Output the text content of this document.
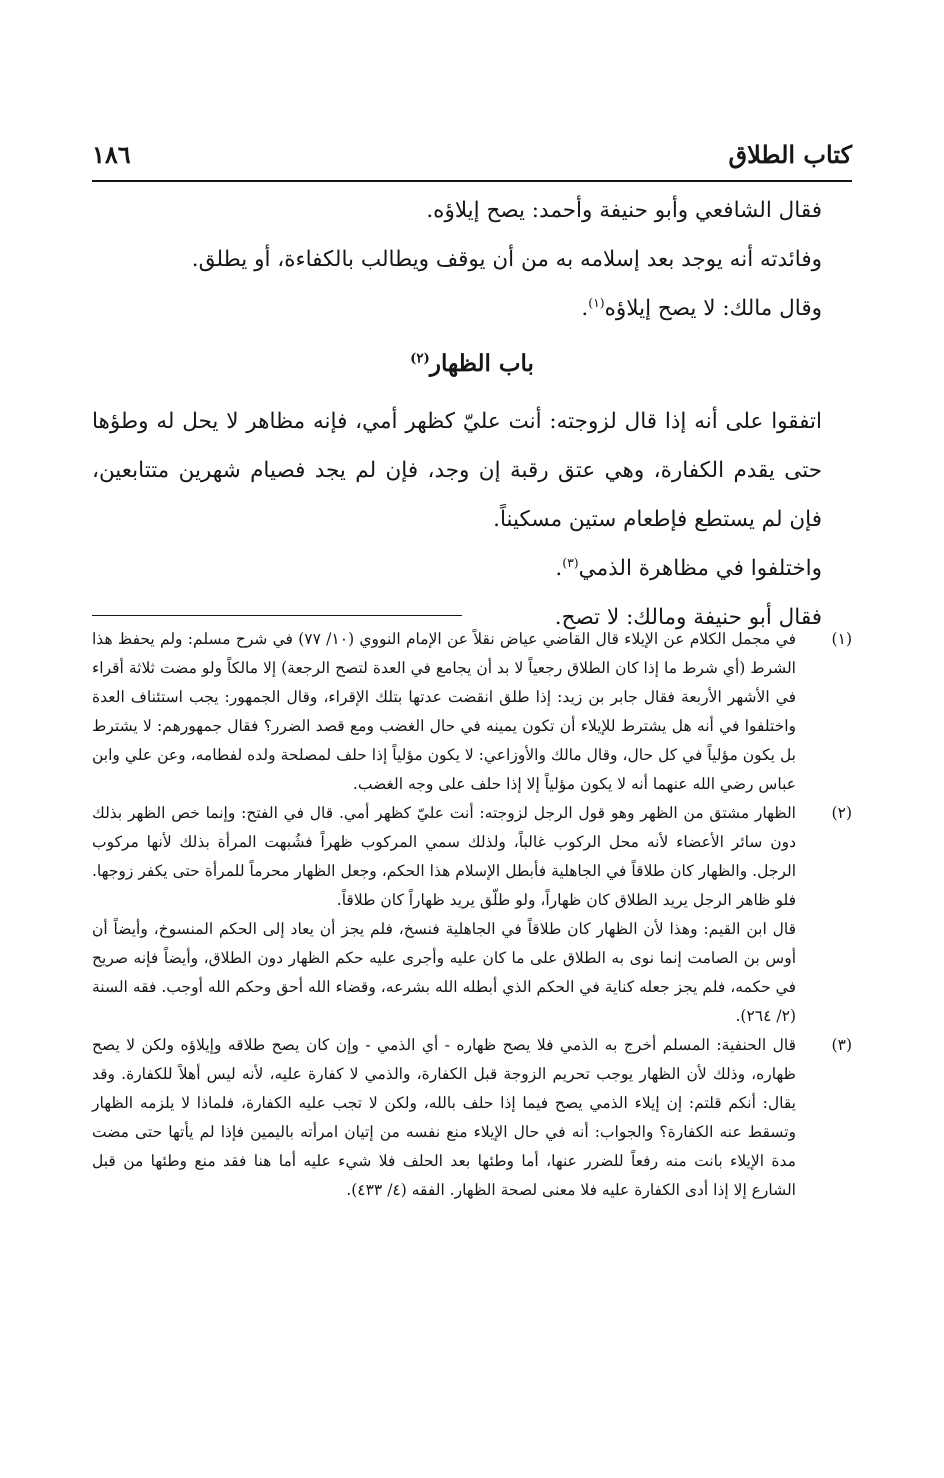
كتاب الطلاق
١٨٦

فقال الشافعي وأبو حنيفة وأحمد: يصح إيلاؤه.

وفائدته أنه يوجد بعد إسلامه به من أن يوقف ويطالب بالكفاءة، أو يطلق.

وقال مالك: لا يصح إيلاؤه$^{(١)}$.

باب الظهار$^{(٢)}$

اتفقوا على أنه إذا قال لزوجته: أنت عليّ كظهر أمي، فإنه مظاهر لا يحل له وطؤها حتى يقدم الكفارة، وهي عتق رقبة إن وجد، فإن لم يجد فصيام شهرين متتابعين، فإن لم يستطع فإطعام ستين مسكيناً.

واختلفوا في مظاهرة الذمي$^{(٣)}$.

فقال أبو حنيفة ومالك: لا تصح.

(١)

في مجمل الكلام عن الإيلاء قال القاضي عياض نقلاً عن الإمام النووي (١٠/ ٧٧) في شرح مسلم: ولم يحفظ هذا الشرط (أي شرط ما إذا كان الطلاق رجعياً لا بد أن يجامع في العدة لتصح الرجعة) إلا مالكاً ولو مضت ثلاثة أقراء في الأشهر الأربعة فقال جابر بن زيد: إذا طلق انقضت عدتها بتلك الإقراء، وقال الجمهور: يجب استئناف العدة واختلفوا في أنه هل يشترط للإيلاء أن تكون يمينه في حال الغضب ومع قصد الضرر؟ فقال جمهورهم: لا يشترط بل يكون مؤلياً في كل حال، وقال مالك والأوزاعي: لا يكون مؤلياً إذا حلف لمصلحة ولده لفطامه، وعن علي وابن عباس رضي الله عنهما أنه لا يكون مؤلياً إلا إذا حلف على وجه الغضب.

(٢)

الظهار مشتق من الظهر وهو قول الرجل لزوجته: أنت عليّ كظهر أمي. قال في الفتح: وإنما خص الظهر بذلك دون سائر الأعضاء لأنه محل الركوب غالباً، ولذلك سمي المركوب ظهراً فشُبهت المرأة بذلك لأنها مركوب الرجل. والظهار كان طلاقاً في الجاهلية فأبطل الإسلام هذا الحكم، وجعل الظهار محرماً للمرأة حتى يكفر زوجها. فلو ظاهر الرجل يريد الطلاق كان ظهاراً، ولو طلّق يريد ظهاراً كان طلاقاً.

قال ابن القيم: وهذا لأن الظهار كان طلاقاً في الجاهلية فنسخ، فلم يجز أن يعاد إلى الحكم المنسوخ، وأيضاً أن أوس بن الصامت إنما نوى به الطلاق على ما كان عليه وأجرى عليه حكم الظهار دون الطلاق، وأيضاً فإنه صريح في حكمه، فلم يجز جعله كناية في الحكم الذي أبطله الله بشرعه، وقضاء الله أحق وحكم الله أوجب. فقه السنة (٢/ ٢٦٤).

(٣)

قال الحنفية: المسلم أخرج به الذمي فلا يصح ظهاره - أي الذمي - وإن كان يصح طلاقه وإيلاؤه ولكن لا يصح ظهاره، وذلك لأن الظهار يوجب تحريم الزوجة قبل الكفارة، والذمي لا كفارة عليه، لأنه ليس أهلاً للكفارة. وقد يقال: أنكم قلتم: إن إيلاء الذمي يصح فيما إذا حلف بالله، ولكن لا تجب عليه الكفارة، فلماذا لا يلزمه الظهار وتسقط عنه الكفارة؟ والجواب: أنه في حال الإيلاء منع نفسه من إتيان امرأته باليمين فإذا لم يأتها حتى مضت مدة الإيلاء بانت منه رفعاً للضرر عنها، أما وطئها بعد الحلف فلا شيء عليه أما هنا فقد منع وطئها من قبل الشارع إلا إذا أدى الكفارة عليه فلا معنى لصحة الظهار. الفقه (٤/ ٤٣٣).
